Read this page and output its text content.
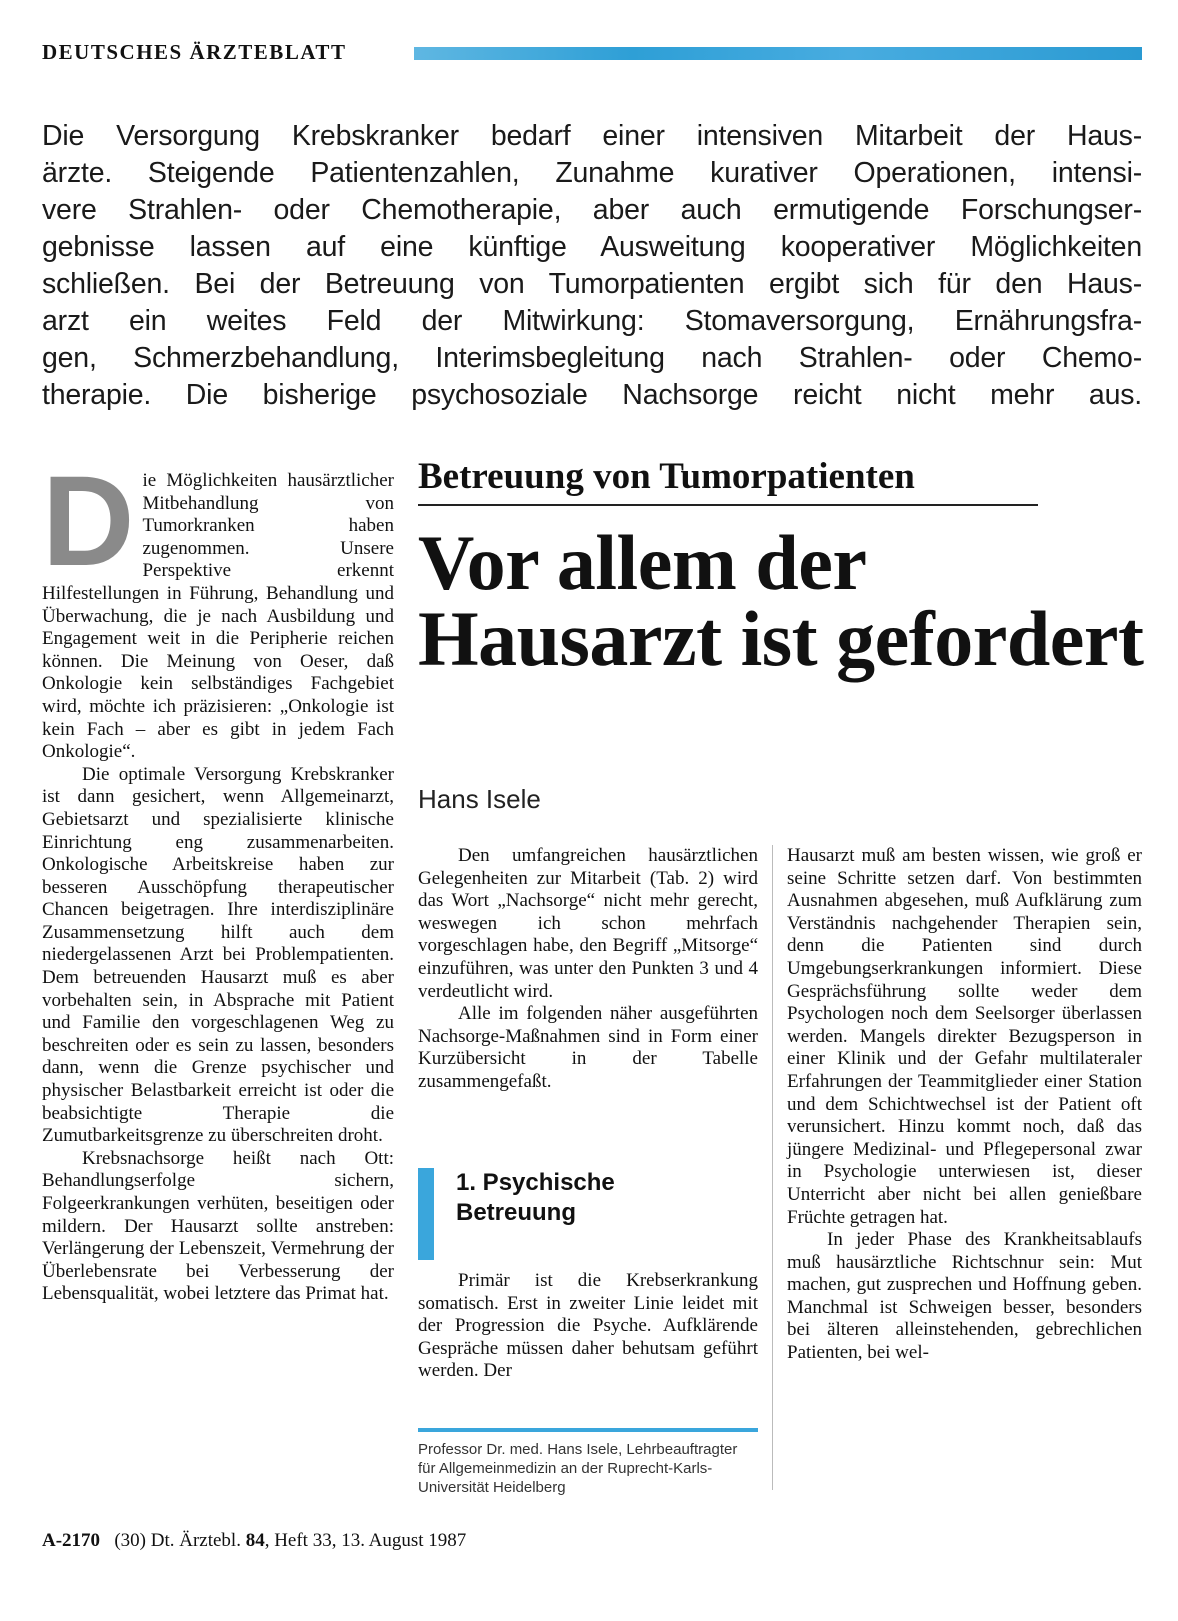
DEUTSCHES ÄRZTEBLATT
Die Versorgung Krebskranker bedarf einer intensiven Mitarbeit der Haus-
ärzte. Steigende Patientenzahlen, Zunahme kurativer Operationen, intensi-
vere Strahlen- oder Chemotherapie, aber auch ermutigende Forschungser-
gebnisse lassen auf eine künftige Ausweitung kooperativer Möglichkeiten
schließen. Bei der Betreuung von Tumorpatienten ergibt sich für den Haus-
arzt ein weites Feld der Mitwirkung: Stomaversorgung, Ernährungsfra-
gen, Schmerzbehandlung, Interimsbegleitung nach Strahlen- oder Chemo-
therapie. Die bisherige psychosoziale Nachsorge reicht nicht mehr aus.
D ie Möglichkeiten hausärztlicher Mitbehandlung von Tumorkranken haben zugenommen. Unsere Perspektive erkennt Hilfestellungen in Führung, Behandlung und Überwachung, die je nach Ausbildung und Engagement weit in die Peripherie reichen können. Die Meinung von Oeser, daß Onkologie kein selbständiges Fachgebiet wird, möchte ich präzisieren: „Onkologie ist kein Fach – aber es gibt in jedem Fach Onkologie“.

Die optimale Versorgung Krebskranker ist dann gesichert, wenn Allgemeinarzt, Gebietsarzt und spezialisierte klinische Einrichtung eng zusammenarbeiten. Onkologische Arbeitskreise haben zur besseren Ausschöpfung therapeutischer Chancen beigetragen. Ihre interdisziplinäre Zusammensetzung hilft auch dem niedergelassenen Arzt bei Problempatienten. Dem betreuenden Hausarzt muß es aber vorbehalten sein, in Absprache mit Patient und Familie den vorgeschlagenen Weg zu beschreiten oder es sein zu lassen, besonders dann, wenn die Grenze psychischer und physischer Belastbarkeit erreicht ist oder die beabsichtigte Therapie die Zumutbarkeitsgrenze zu überschreiten droht.

Krebsnachsorge heißt nach Ott: Behandlungserfolge sichern, Folgeerkrankungen verhüten, beseitigen oder mildern. Der Hausarzt sollte anstreben: Verlängerung der Lebenszeit, Vermehrung der Überlebensrate bei Verbesserung der Lebensqualität, wobei letztere das Primat hat.

Betreuung von Tumorpatienten
Vor allem der Hausarzt ist gefordert
Hans Isele

Den umfangreichen hausärztlichen Gelegenheiten zur Mitarbeit (Tab. 2) wird das Wort „Nachsorge“ nicht mehr gerecht, weswegen ich schon mehrfach vorgeschlagen habe, den Begriff „Mitsorge“ einzuführen, was unter den Punkten 3 und 4 verdeutlicht wird.

Alle im folgenden näher ausgeführten Nachsorge-Maßnahmen sind in Form einer Kurzübersicht in der Tabelle zusammengefaßt.

1. Psychische
Betreuung

Primär ist die Krebserkrankung somatisch. Erst in zweiter Linie leidet mit der Progression die Psyche. Aufklärende Gespräche müssen daher behutsam geführt werden. Der

Professor Dr. med. Hans Isele, Lehrbeauftragter für Allgemeinmedizin an der Ruprecht-Karls-Universität Heidelberg

Hausarzt muß am besten wissen, wie groß er seine Schritte setzen darf. Von bestimmten Ausnahmen abgesehen, muß Aufklärung zum Verständnis nachgehender Therapien sein, denn die Patienten sind durch Umgebungserkrankungen informiert. Diese Gesprächsführung sollte weder dem Psychologen noch dem Seelsorger überlassen werden. Mangels direkter Bezugsperson in einer Klinik und der Gefahr multilateraler Erfahrungen der Teammitglieder einer Station und dem Schichtwechsel ist der Patient oft verunsichert. Hinzu kommt noch, daß das jüngere Medizinal- und Pflegepersonal zwar in Psychologie unterwiesen ist, dieser Unterricht aber nicht bei allen genießbare Früchte getragen hat.

In jeder Phase des Krankheitsablaufs muß hausärztliche Richtschnur sein: Mut machen, gut zusprechen und Hoffnung geben. Manchmal ist Schweigen besser, besonders bei älteren alleinstehenden, gebrechlichen Patienten, bei wel-

A-2170 (30) Dt. Ärztebl. 84, Heft 33, 13. August 1987
